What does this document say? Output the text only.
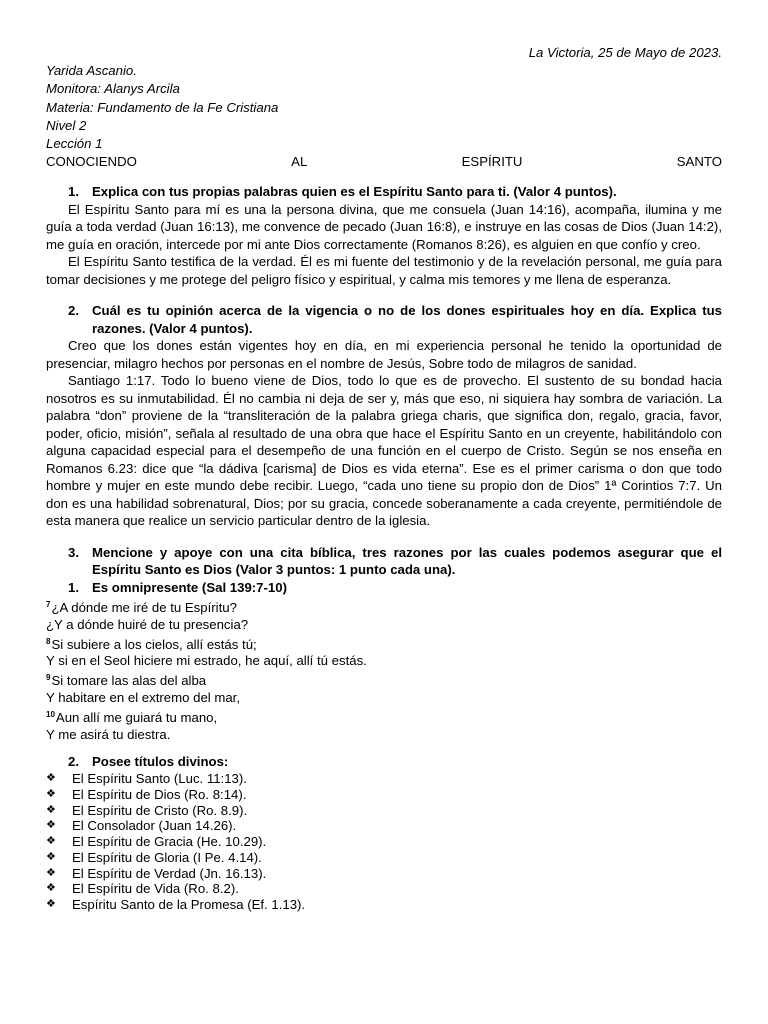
La Victoria, 25 de Mayo de 2023.
Yarida Ascanio.
Monitora: Alanys Arcila
Materia: Fundamento de la Fe Cristiana
Nivel 2
Lección 1
CONOCIENDO	AL	ESPÍRITU	SANTO
1. Explica con tus propias palabras quien es el Espíritu Santo para ti. (Valor 4 puntos).
El Espíritu Santo para mí es una la persona divina, que me consuela (Juan 14:16), acompaña, ilumina y me guía a toda verdad (Juan 16:13), me convence de pecado (Juan 16:8), e instruye en las cosas de Dios (Juan 14:2), me guía en oración, intercede por mi ante Dios correctamente (Romanos 8:26), es alguien en que confío y creo.
El Espíritu Santo testifica de la verdad. Él es mi fuente del testimonio y de la revelación personal, me guía para tomar decisiones y me protege del peligro físico y espiritual, y calma mis temores y me llena de esperanza.
2. Cuál es tu opinión acerca de la vigencia o no de los dones espirituales hoy en día. Explica tus razones. (Valor 4 puntos).
Creo que los dones están vigentes hoy en día, en mi experiencia personal he tenido la oportunidad de presenciar, milagro hechos por personas en el nombre de Jesús, Sobre todo de milagros de sanidad.
Santiago 1:17. Todo lo bueno viene de Dios, todo lo que es de provecho. El sustento de su bondad hacia nosotros es su inmutabilidad. Él no cambia ni deja de ser y, más que eso, ni siquiera hay sombra de variación. La palabra “don” proviene de la “transliteración de la palabra griega charis, que significa don, regalo, gracia, favor, poder, oficio, misión”, señala al resultado de una obra que hace el Espíritu Santo en un creyente, habilitándolo con alguna capacidad especial para el desempeño de una función en el cuerpo de Cristo. Según se nos enseña en Romanos 6.23: dice que “la dádiva [carisma] de Dios es vida eterna”. Ese es el primer carisma o don que todo hombre y mujer en este mundo debe recibir. Luego, “cada uno tiene su propio don de Dios” 1ª Corintios 7:7. Un don es una habilidad sobrenatural, Dios; por su gracia, concede soberanamente a cada creyente, permitiéndole de esta manera que realice un servicio particular dentro de la iglesia.
3. Mencione y apoye con una cita bíblica, tres razones por las cuales podemos asegurar que el Espíritu Santo es Dios (Valor 3 puntos: 1 punto cada una).
1. Es omnipresente (Sal 139:7-10)
$^7$¿A dónde me iré de tu Espíritu?
¿Y a dónde huiré de tu presencia?
$^8$Si subiere a los cielos, allí estás tú;
Y si en el Seol hiciere mi estrado, he aquí, allí tú estás.
$^9$Si tomare las alas del alba
Y habitare en el extremo del mar,
$^{10}$Aun allí me guiará tu mano,
Y me asirá tu diestra.
2. Posee títulos divinos:
❖	El Espíritu Santo (Luc. 11:13).
❖	El Espíritu de Dios (Ro. 8:14).
❖	El Espíritu de Cristo (Ro. 8.9).
❖	El Consolador (Juan 14.26).
❖	El Espíritu de Gracia (He. 10.29).
❖	El Espíritu de Gloria (I Pe. 4.14).
❖	El Espíritu de Verdad (Jn. 16.13).
❖	El Espíritu de Vida (Ro. 8.2).
❖	Espíritu Santo de la Promesa (Ef. 1.13).
